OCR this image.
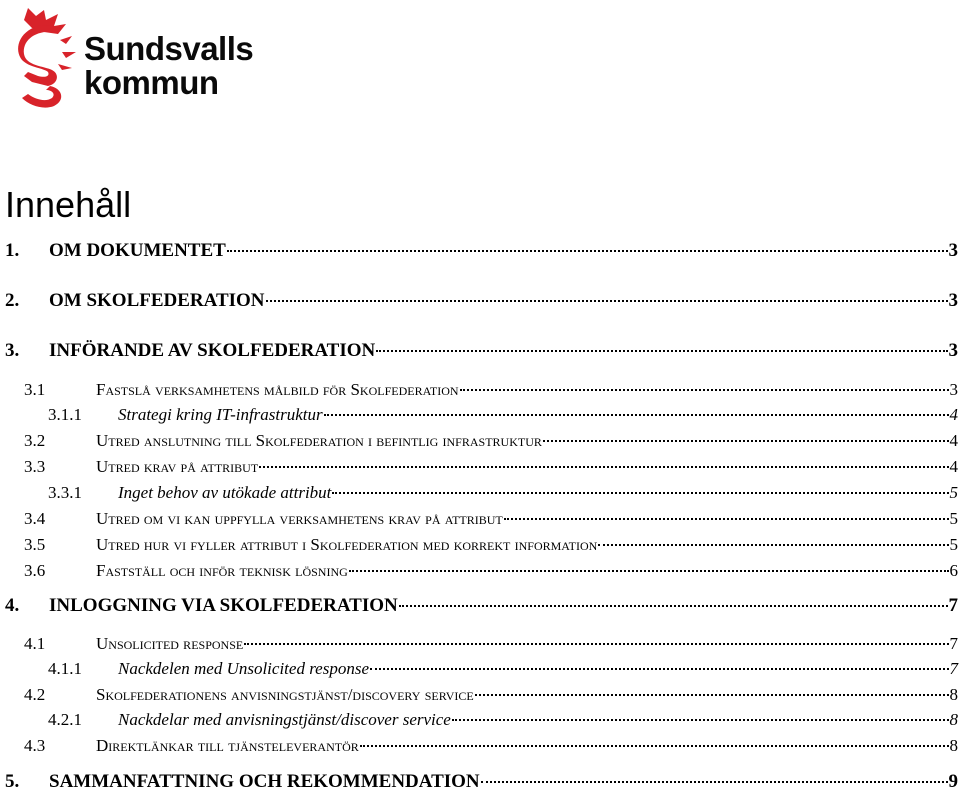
Sundsvalls
kommun
Innehåll
1.	OM DOKUMENTET	3
2.	OM SKOLFEDERATION	3
3.	INFÖRANDE AV SKOLFEDERATION	3
3.1	Fastslå verksamhetens målbild för Skolfederation	3
3.1.1	Strategi kring IT-infrastruktur	4
3.2	Utred anslutning till Skolfederation i befintlig infrastruktur	4
3.3	Utred krav på attribut	4
3.3.1	Inget behov av utökade attribut	5
3.4	Utred om vi kan uppfylla verksamhetens krav på attribut	5
3.5	Utred hur vi fyller attribut i Skolfederation med korrekt information	5
3.6	Fastställ och inför teknisk lösning	6
4.	INLOGGNING VIA SKOLFEDERATION	7
4.1	Unsolicited response	7
4.1.1	Nackdelen med Unsolicited response	7
4.2	Skolfederationens anvisningstjänst/discovery service	8
4.2.1	Nackdelar med anvisningstjänst/discover service	8
4.3	Direktlänkar till tjänsteleverantör	8
5.	SAMMANFATTNING OCH REKOMMENDATION	9
